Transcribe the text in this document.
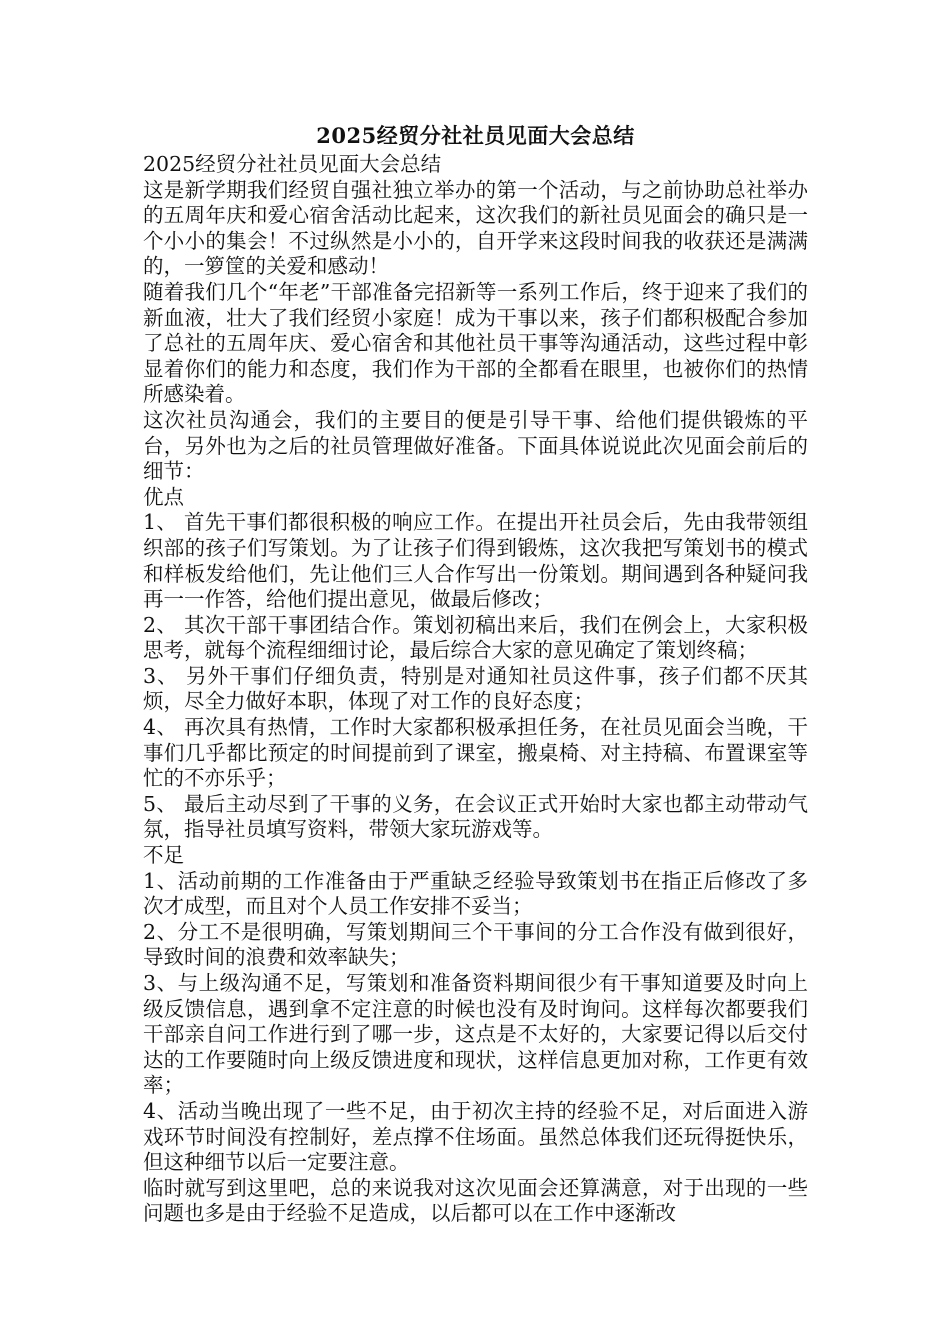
2025经贸分社社员见面大会总结

2025经贸分社社员见面大会总结

这是新学期我们经贸自强社独立举办的第一个活动，与之前协助总社举办的五周年庆和爱心宿舍活动比起来，这次我们的新社员见面会的确只是一个小小的集会！不过纵然是小小的，自开学来这段时间我的收获还是满满的，一箩筐的关爱和感动！

随着我们几个“年老”干部准备完招新等一系列工作后，终于迎来了我们的新血液，壮大了我们经贸小家庭！成为干事以来，孩子们都积极配合参加了总社的五周年庆、爱心宿舍和其他社员干事等沟通活动，这些过程中彰显着你们的能力和态度，我们作为干部的全都看在眼里，也被你们的热情所感染着。

这次社员沟通会，我们的主要目的便是引导干事、给他们提供锻炼的平台，另外也为之后的社员管理做好准备。下面具体说说此次见面会前后的细节：

优点

1、 首先干事们都很积极的响应工作。在提出开社员会后，先由我带领组织部的孩子们写策划。为了让孩子们得到锻炼，这次我把写策划书的模式和样板发给他们，先让他们三人合作写出一份策划。期间遇到各种疑问我再一一作答，给他们提出意见，做最后修改；

2、 其次干部干事团结合作。策划初稿出来后，我们在例会上，大家积极思考，就每个流程细细讨论，最后综合大家的意见确定了策划终稿；

3、 另外干事们仔细负责，特别是对通知社员这件事，孩子们都不厌其烦，尽全力做好本职，体现了对工作的良好态度；

4、 再次具有热情，工作时大家都积极承担任务，在社员见面会当晚，干事们几乎都比预定的时间提前到了课室，搬桌椅、对主持稿、布置课室等忙的不亦乐乎；

5、 最后主动尽到了干事的义务，在会议正式开始时大家也都主动带动气氛，指导社员填写资料，带领大家玩游戏等。

不足

1、活动前期的工作准备由于严重缺乏经验导致策划书在指正后修改了多次才成型，而且对个人员工作安排不妥当；

2、分工不是很明确，写策划期间三个干事间的分工合作没有做到很好，导致时间的浪费和效率缺失；

3、与上级沟通不足，写策划和准备资料期间很少有干事知道要及时向上级反馈信息，遇到拿不定注意的时候也没有及时询问。这样每次都要我们干部亲自问工作进行到了哪一步，这点是不太好的，大家要记得以后交付达的工作要随时向上级反馈进度和现状，这样信息更加对称，工作更有效率；

4、活动当晚出现了一些不足，由于初次主持的经验不足，对后面进入游戏环节时间没有控制好，差点撑不住场面。虽然总体我们还玩得挺快乐，但这种细节以后一定要注意。

临时就写到这里吧，总的来说我对这次见面会还算满意，对于出现的一些问题也多是由于经验不足造成，以后都可以在工作中逐渐改
